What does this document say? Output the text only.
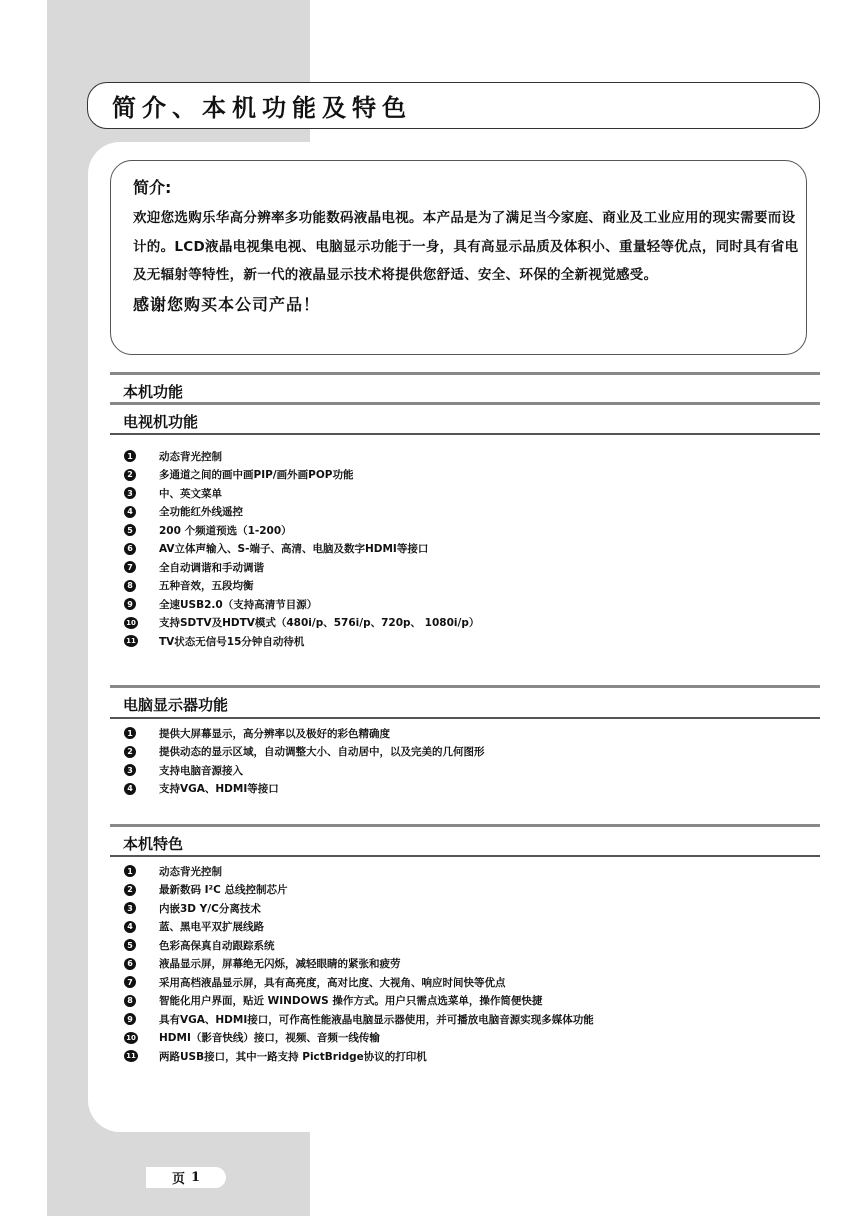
简介、本机功能及特色
简介:
欢迎您选购乐华高分辨率多功能数码液晶电视。本产品是为了满足当今家庭、商业及工业应用的现实需要而设计的。LCD液晶电视集电视、电脑显示功能于一身，具有高显示品质及体积小、重量轻等优点，同时具有省电及无辐射等特性，新一代的液晶显示技术将提供您舒适、安全、环保的全新视觉感受。
感谢您购买本公司产品！
本机功能
电视机功能
1	动态背光控制
2	多通道之间的画中画PIP/画外画POP功能
3	中、英文菜单
4	全功能红外线遥控
5	200 个频道预选（1-200）
6	AV立体声输入、S-端子、高清、电脑及数字HDMI等接口
7	全自动调谐和手动调谐
8	五种音效，五段均衡
9	全速USB2.0（支持高清节目源）
10 支持SDTV及HDTV模式（480i/p、576i/p、720p、 1080i/p）
11 TV状态无信号15分钟自动待机
电脑显示器功能
1	提供大屏幕显示，高分辨率以及极好的彩色精确度
2	提供动态的显示区域，自动调整大小、自动居中，以及完美的几何图形
3	支持电脑音源接入
4	支持VGA、HDMI等接口
本机特色
1	动态背光控制
2	最新数码 I²C 总线控制芯片
3	内嵌3D Y/C分离技术
4	蓝、黑电平双扩展线路
5	色彩高保真自动跟踪系统
6	液晶显示屏，屏幕绝无闪烁，减轻眼睛的紧张和疲劳
7	采用高档液晶显示屏，具有高亮度，高对比度、大视角、响应时间快等优点
8	智能化用户界面，贴近 WINDOWS 操作方式。用户只需点选菜单，操作简便快捷
9	具有VGA、HDMI接口，可作高性能液晶电脑显示器使用，并可播放电脑音源实现多媒体功能
10 HDMI（影音快线）接口，视频、音频一线传输
11 两路USB接口，其中一路支持 PictBridge协议的打印机
页 1
